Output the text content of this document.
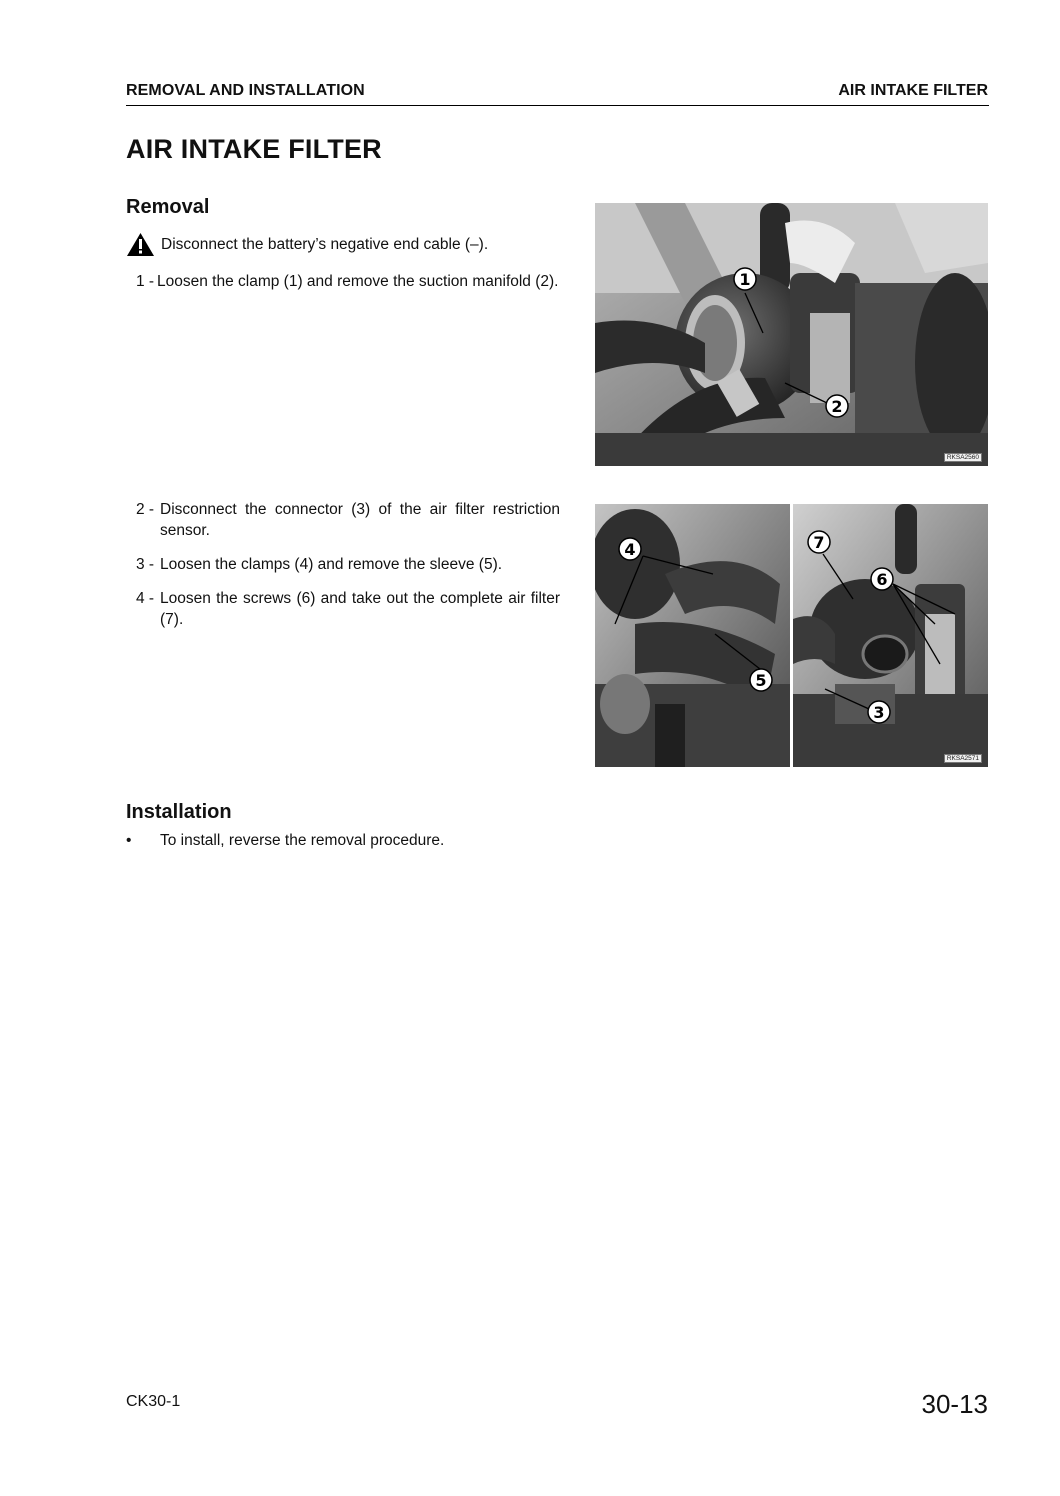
REMOVAL AND INSTALLATION	AIR INTAKE FILTER
AIR INTAKE FILTER
Removal
Disconnect the battery’s negative end cable (–).
1 - Loosen the clamp (1) and remove the suction manifold (2).
2 - Disconnect the connector (3) of the air filter restriction sensor.
3 - Loosen the clamps (4) and remove the sleeve (5).
4 - Loosen the screws (6) and take out the complete air filter (7).
1
2
RKSA2560
4
5
7
6
3
RKSA2571
Installation
• To install, reverse the removal procedure.
CK30-1	30-13
